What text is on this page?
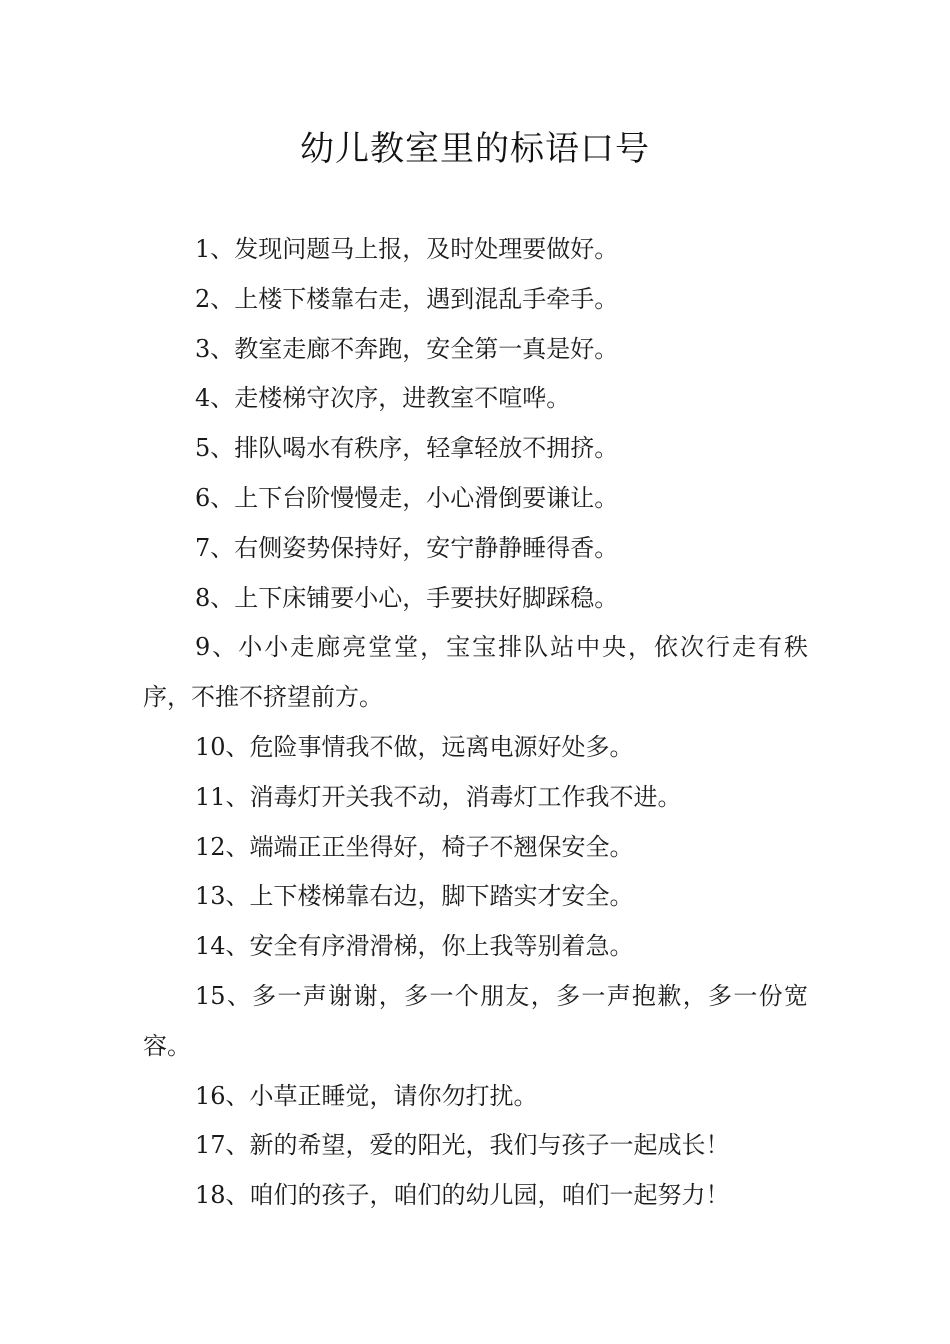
幼儿教室里的标语口号

1、发现问题马上报，及时处理要做好。

2、上楼下楼靠右走，遇到混乱手牵手。

3、教室走廊不奔跑，安全第一真是好。

4、走楼梯守次序，进教室不喧哗。

5、排队喝水有秩序，轻拿轻放不拥挤。

6、上下台阶慢慢走，小心滑倒要谦让。

7、右侧姿势保持好，安宁静静睡得香。

8、上下床铺要小心，手要扶好脚踩稳。

9、小小走廊亮堂堂，宝宝排队站中央，依次行走有秩序，不推不挤望前方。

10、危险事情我不做，远离电源好处多。

11、消毒灯开关我不动，消毒灯工作我不进。

12、端端正正坐得好，椅子不翘保安全。

13、上下楼梯靠右边，脚下踏实才安全。

14、安全有序滑滑梯，你上我等别着急。

15、多一声谢谢，多一个朋友，多一声抱歉，多一份宽容。

16、小草正睡觉，请你勿打扰。

17、新的希望，爱的阳光，我们与孩子一起成长！

18、咱们的孩子，咱们的幼儿园，咱们一起努力！
